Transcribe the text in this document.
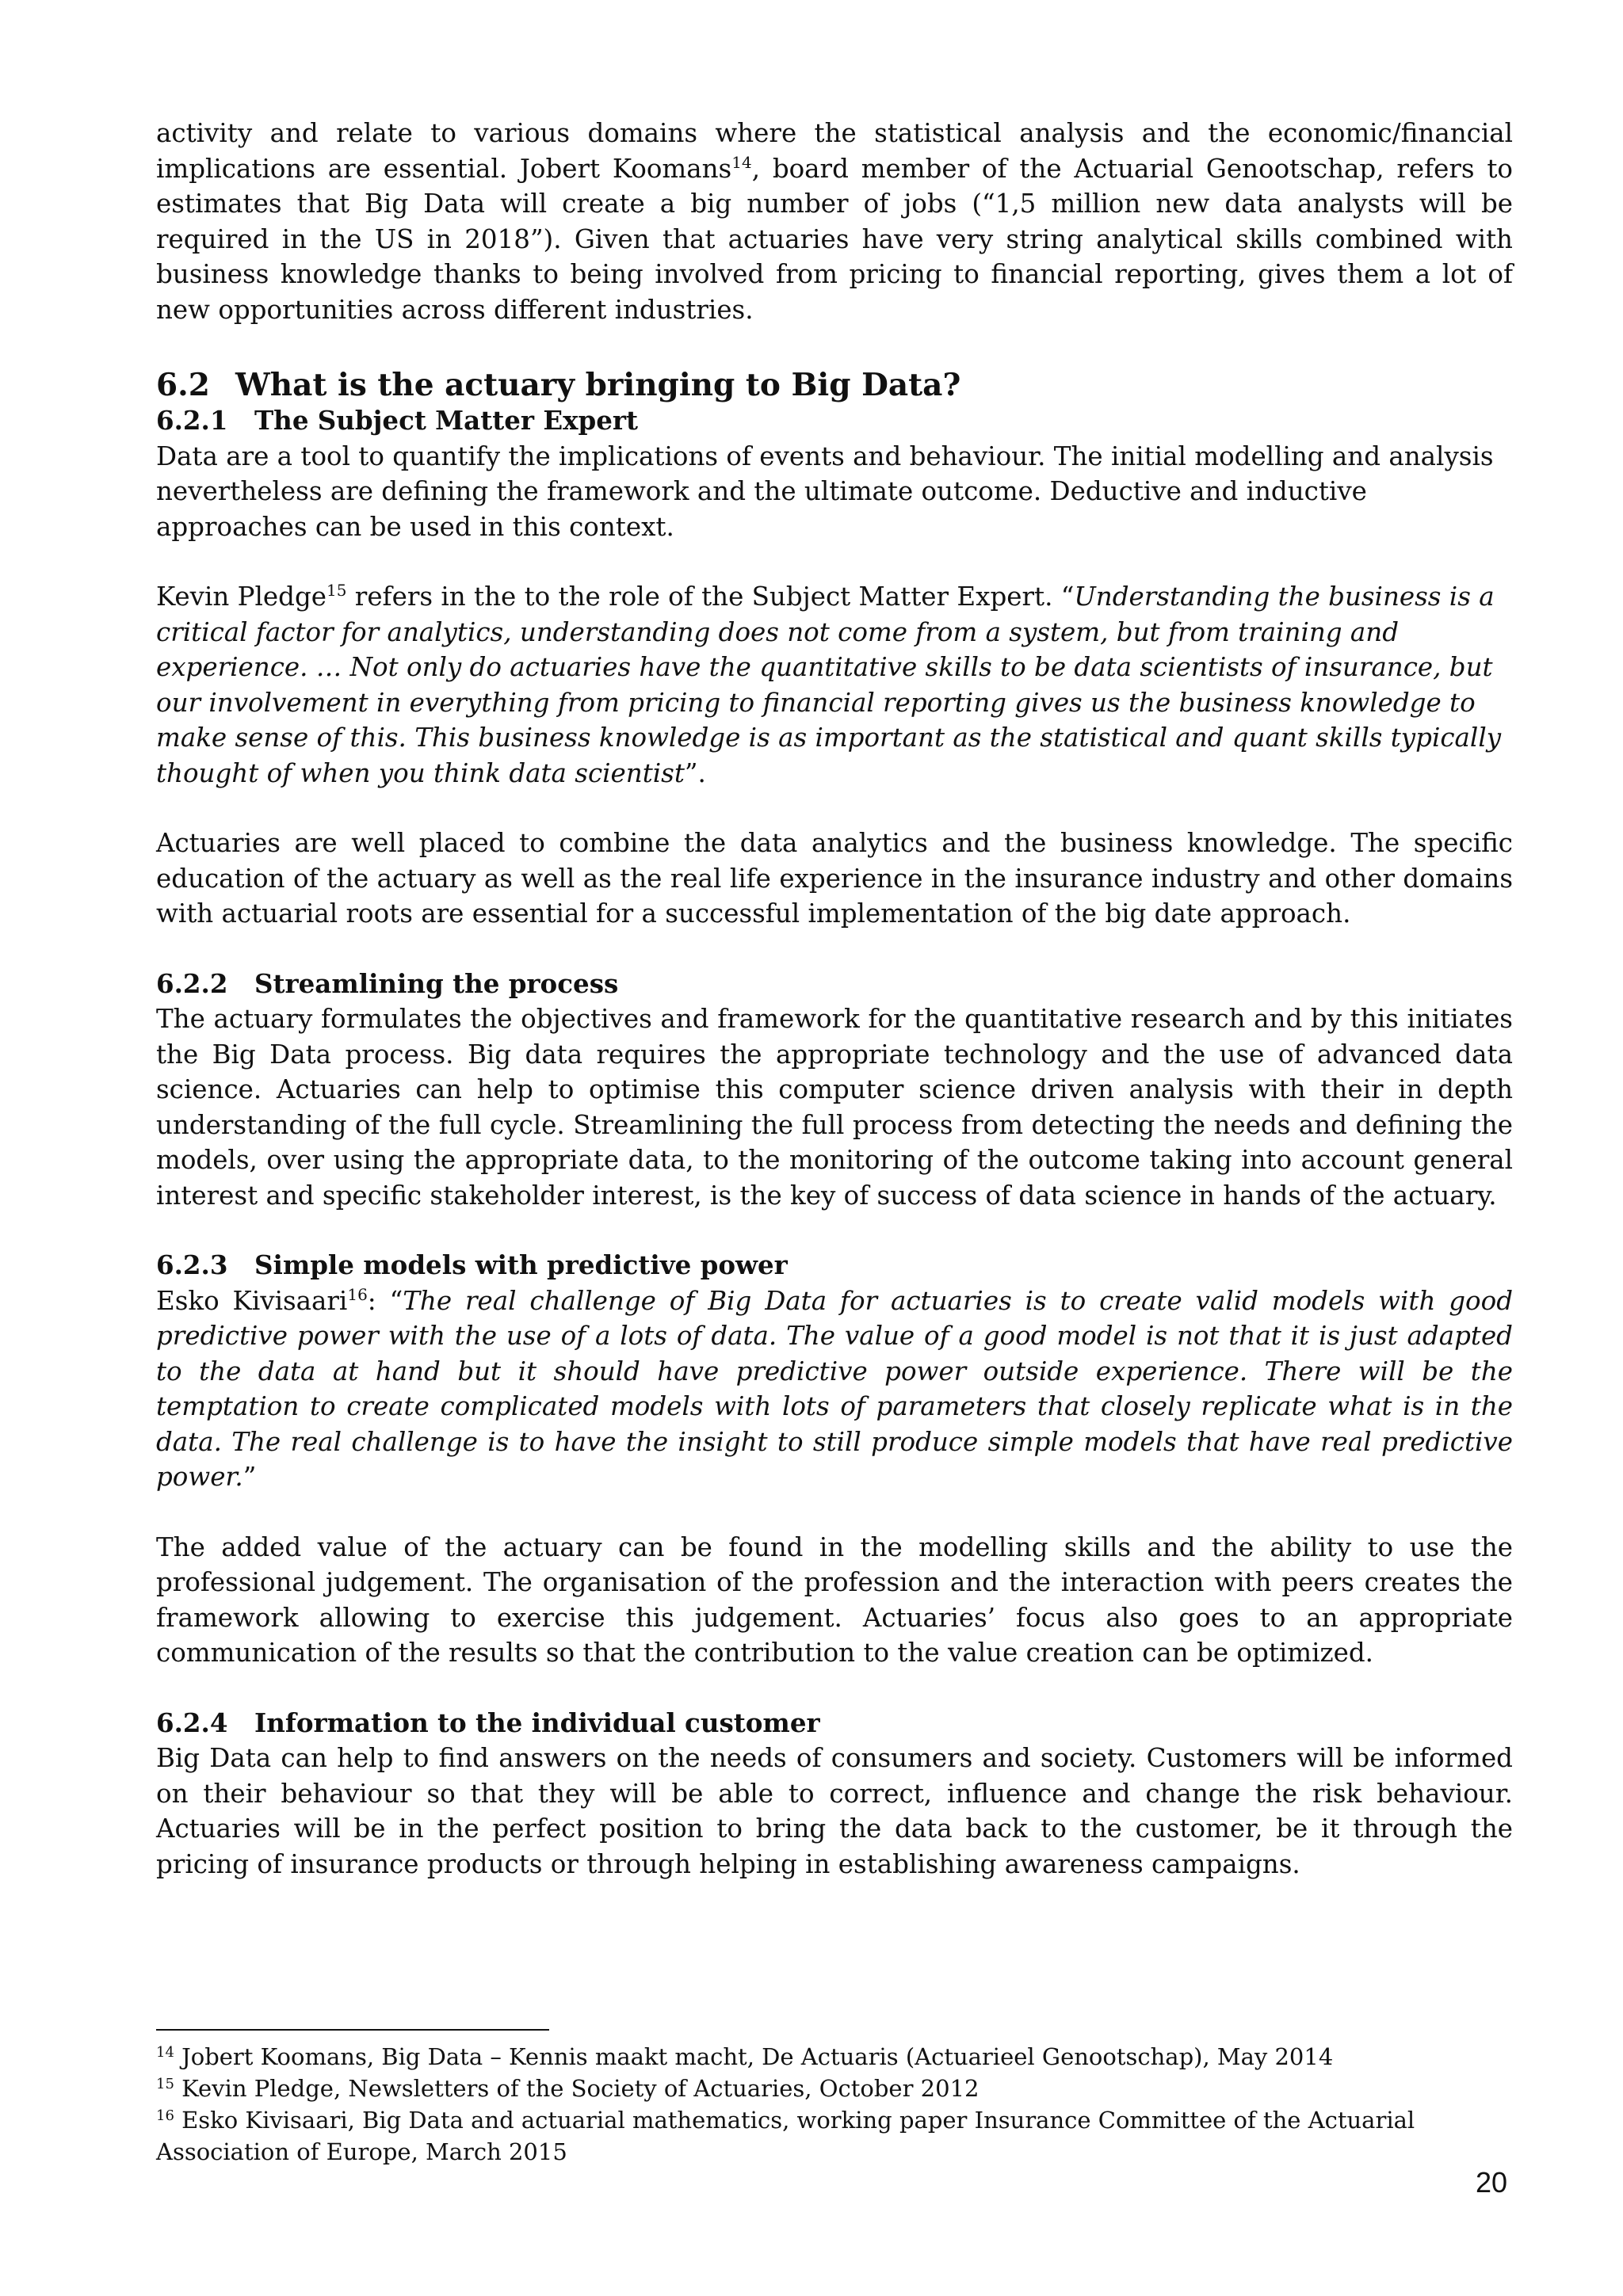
activity and relate to various domains where the statistical analysis and the economic/financial implications are essential. Jobert Koomans$^{14}$, board member of the Actuarial Genootschap, refers to estimates that Big Data will create a big number of jobs (“1,5 million new data analysts will be required in the US in 2018”). Given that actuaries have very string analytical skills combined with business knowledge thanks to being involved from pricing to financial reporting, gives them a lot of new opportunities across different industries.

6.2 What is the actuary bringing to Big Data?

6.2.1	The Subject Matter Expert

Data are a tool to quantify the implications of events and behaviour. The initial modelling and analysis nevertheless are defining the framework and the ultimate outcome. Deductive and inductive approaches can be used in this context.

Kevin Pledge$^{15}$ refers in the to the role of the Subject Matter Expert. “Understanding the business is a critical factor for analytics, understanding does not come from a system, but from training and experience. … Not only do actuaries have the quantitative skills to be data scientists of insurance, but our involvement in everything from pricing to financial reporting gives us the business knowledge to make sense of this. This business knowledge is as important as the statistical and quant skills typically thought of when you think data scientist”.

Actuaries are well placed to combine the data analytics and the business knowledge. The specific education of the actuary as well as the real life experience in the insurance industry and other domains with actuarial roots are essential for a successful implementation of the big date approach.

6.2.2	Streamlining the process

The actuary formulates the objectives and framework for the quantitative research and by this initiates the Big Data process. Big data requires the appropriate technology and the use of advanced data science. Actuaries can help to optimise this computer science driven analysis with their in depth understanding of the full cycle. Streamlining the full process from detecting the needs and defining the models, over using the appropriate data, to the monitoring of the outcome taking into account general interest and specific stakeholder interest, is the key of success of data science in hands of the actuary.

6.2.3	Simple models with predictive power

Esko Kivisaari$^{16}$: “The real challenge of Big Data for actuaries is to create valid models with good predictive power with the use of a lots of data. The value of a good model is not that it is just adapted to the data at hand but it should have predictive power outside experience. There will be the temptation to create complicated models with lots of parameters that closely replicate what is in the data. The real challenge is to have the insight to still produce simple models that have real predictive power.”

The added value of the actuary can be found in the modelling skills and the ability to use the professional judgement. The organisation of the profession and the interaction with peers creates the framework allowing to exercise this judgement. Actuaries’ focus also goes to an appropriate communication of the results so that the contribution to the value creation can be optimized.

6.2.4	Information to the individual customer

Big Data can help to find answers on the needs of consumers and society. Customers will be informed on their behaviour so that they will be able to correct, influence and change the risk behaviour. Actuaries will be in the perfect position to bring the data back to the customer, be it through the pricing of insurance products or through helping in establishing awareness campaigns.

$^{14}$ Jobert Koomans, Big Data – Kennis maakt macht, De Actuaris (Actuarieel Genootschap), May 2014

$^{15}$ Kevin Pledge, Newsletters of the Society of Actuaries, October 2012

$^{16}$ Esko Kivisaari, Big Data and actuarial mathematics, working paper Insurance Committee of the Actuarial Association of Europe, March 2015

20
